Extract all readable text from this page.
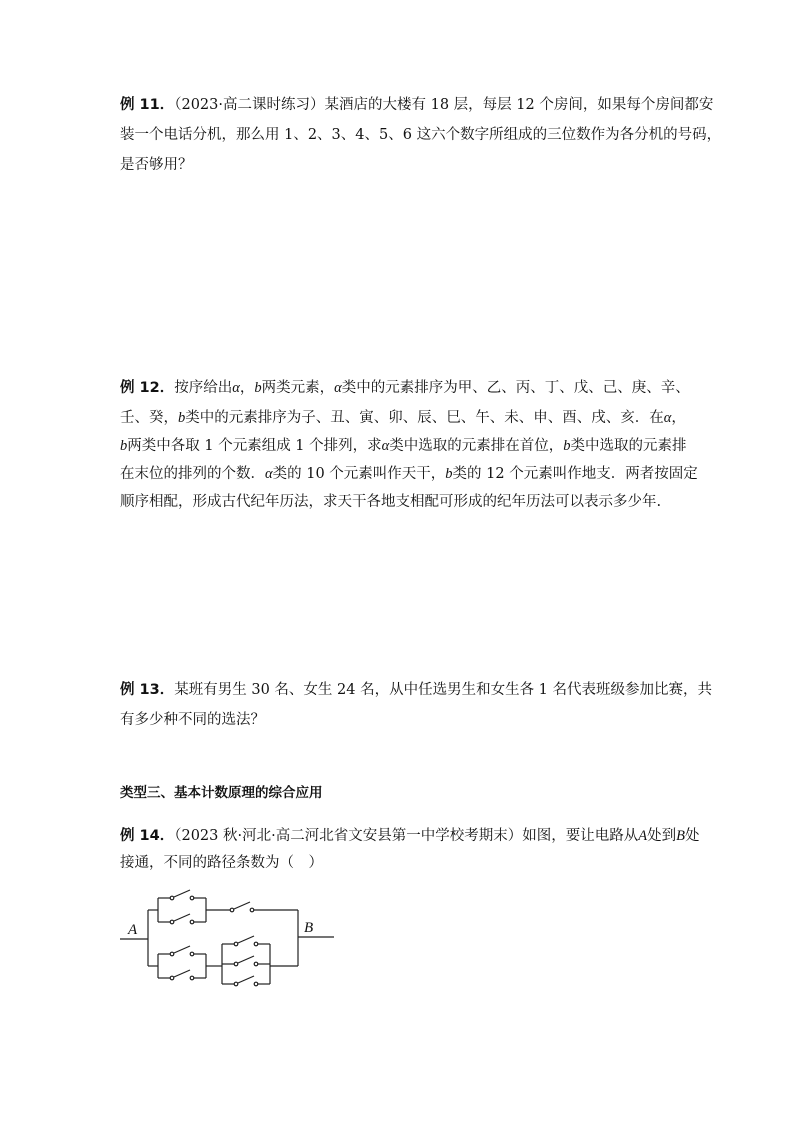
例 11．（2023·高二课时练习）某酒店的大楼有 18 层，每层 12 个房间，如果每个房间都安
装一个电话分机，那么用 1、2、3、4、5、6 这六个数字所组成的三位数作为各分机的号码，
是否够用？
例 12．按序给出α，b两类元素，α类中的元素排序为甲、乙、丙、丁、戊、己、庚、辛、
壬、癸，b类中的元素排序为子、丑、寅、卯、辰、巳、午、未、申、酉、戌、亥．在α，
b两类中各取 1 个元素组成 1 个排列，求α类中选取的元素排在首位，b类中选取的元素排
在末位的排列的个数．α类的 10 个元素叫作天干，b类的 12 个元素叫作地支．两者按固定
顺序相配，形成古代纪年历法，求天干各地支相配可形成的纪年历法可以表示多少年.
例 13．某班有男生 30 名、女生 24 名，从中任选男生和女生各 1 名代表班级参加比赛，共
有多少种不同的选法？
类型三、基本计数原理的综合应用
例 14．（2023 秋·河北·高二河北省文安县第一中学校考期末）如图，要让电路从A处到B处
接通，不同的路径条数为（　）
A	B
